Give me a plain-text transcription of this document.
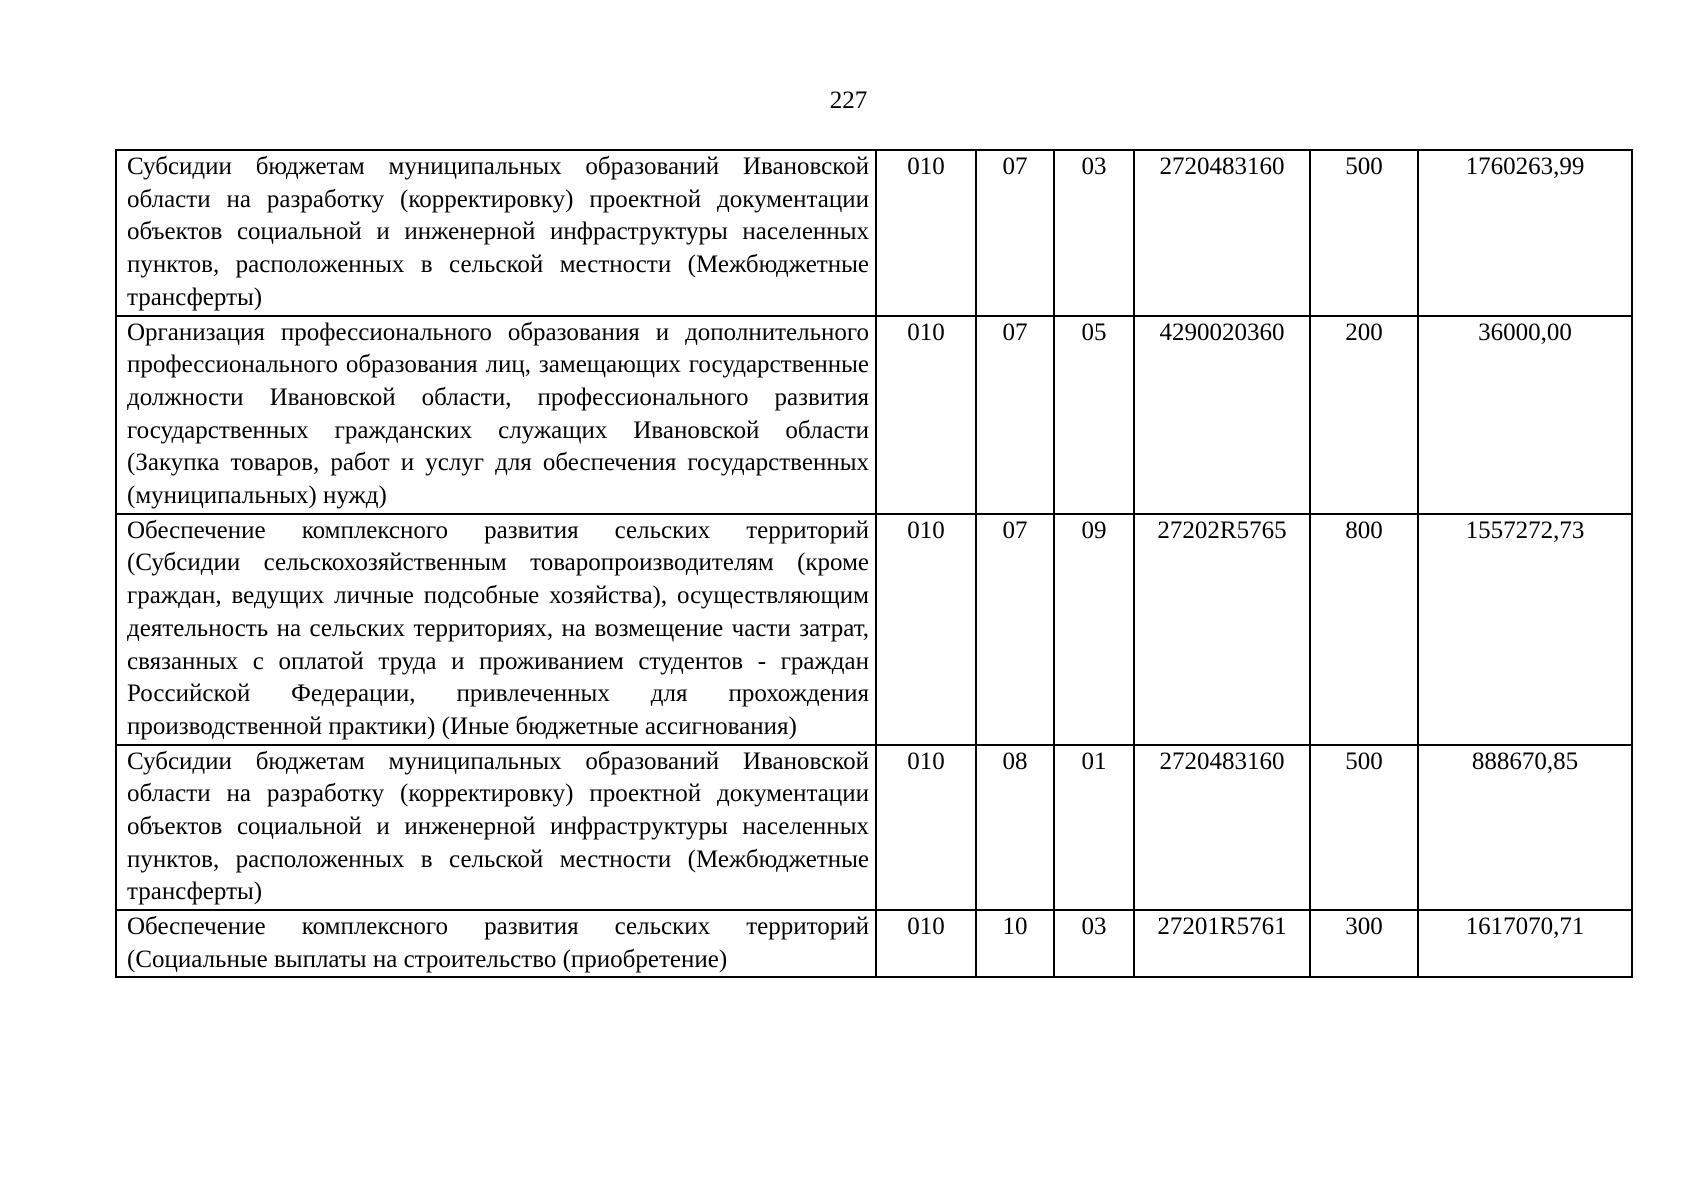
227
Субсидии бюджетам муниципальных образований Ивановской области на разработку (корректировку) проектной документации объектов социальной и инженерной инфраструктуры населенных пунктов, расположенных в сельской местности (Межбюджетные трансферты)	010	07	03	2720483160	500	1760263,99

Организация профессионального образования и дополнительного профессионального образования лиц, замещающих государственные должности Ивановской области, профессионального развития государственных гражданских служащих Ивановской области (Закупка товаров, работ и услуг для обеспечения государственных (муниципальных) нужд)	010	07	05	4290020360	200	36000,00

Обеспечение комплексного развития сельских территорий (Субсидии сельскохозяйственным товаропроизводителям (кроме граждан, ведущих личные подсобные хозяйства), осуществляющим деятельность на сельских территориях, на возмещение части затрат, связанных с оплатой труда и проживанием студентов - граждан Российской Федерации, привлеченных для прохождения производственной практики) (Иные бюджетные ассигнования)	010	07	09	27202R5765	800	1557272,73

Субсидии бюджетам муниципальных образований Ивановской области на разработку (корректировку) проектной документации объектов социальной и инженерной инфраструктуры населенных пунктов, расположенных в сельской местности (Межбюджетные трансферты)	010	08	01	2720483160	500	888670,85

Обеспечение комплексного развития сельских территорий (Социальные выплаты на строительство (приобретение)	010	10	03	27201R5761	300	1617070,71
